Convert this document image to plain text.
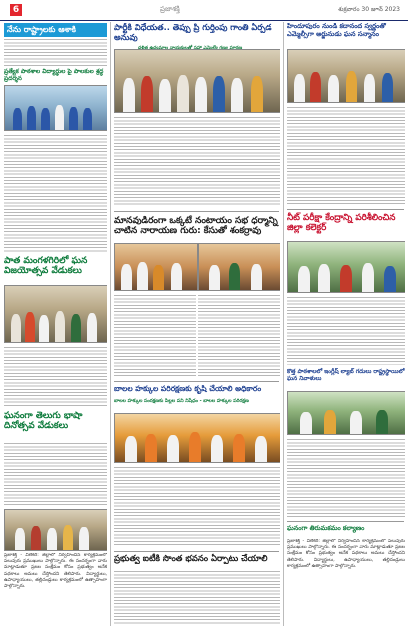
6	ప్రజాశక్తి	శుక్రవారం 30 జూన్ 2023
నేను రాష్ట్రాలకు ఆశాకి
ప్రత్యేక పాఠశాల విద్యార్థుల పై పాలకుల శ్రద్ధ ప్రదర్శన
పాత మంగళగిరిలో ఘన విజయోత్సవ వేడుకలు
ఘనంగా తెలుగు భాషా దినోత్సవ వేడుకలు

ప్రజాశక్తి - విలేకరి: జిల్లాలో నిర్వహించిన కార్యక్రమంలో పలువురు ప్రముఖులు పాల్గొన్నారు. ఈ సందర్భంగా వారు మాట్లాడుతూ ప్రజల సంక్షేమం కోసం ప్రభుత్వం అనేక పథకాలు అమలు చేస్తోందని తెలిపారు. విద్యార్థులు, ఉపాధ్యాయులు, తల్లిదండ్రులు కార్యక్రమంలో ఉత్సాహంగా పాల్గొన్నారు.

పార్టీకి విధేయత.. తెప్పు ప్రి గుర్తింపు గాంతి ఏర్పడ అనువు
మానవుడిరంగా ఒక్కటే నంటాయం సభ ధర్మాన్ని చాటిన నారాయణ గురు: కేసుతో శంకర్రావు
బాలల హక్కుల పరిరక్షణకు కృషి చేయాలి అధికారం
బాలల హక్కుల సంరక్షణకు పిల్లల పని నిషేధం - బాలల హక్కుల పరిరక్షణ
ప్రభుత్వ ఐటీకి సొంత భవనం ఏర్పాటు చేయాలి
హిందూపురం నుండి కదానంద స్వర్ణంతో ఎమ్మెల్సీగా అర్జునుడు ఘన సన్మానం
నీట్ పరీక్షా కేంద్రాన్ని పరిశీలించిన జిల్లా కలెక్టర్
కొత్త పాఠశాలలో ఇంగ్లీష్ ల్యాబ్ గదులు రాష్ట్రస్థాయిలో ఘన నివాళులు
ఘనంగా తిరుమకమం కల్యాణం

ప్రజాశక్తి - విలేకరి: జిల్లాలో నిర్వహించిన కార్యక్రమంలో పలువురు ప్రముఖులు పాల్గొన్నారు. ఈ సందర్భంగా వారు మాట్లాడుతూ ప్రజల సంక్షేమం కోసం ప్రభుత్వం అనేక పథకాలు అమలు చేస్తోందని తెలిపారు. విద్యార్థులు, ఉపాధ్యాయులు, తల్లిదండ్రులు కార్యక్రమంలో ఉత్సాహంగా పాల్గొన్నారు.
